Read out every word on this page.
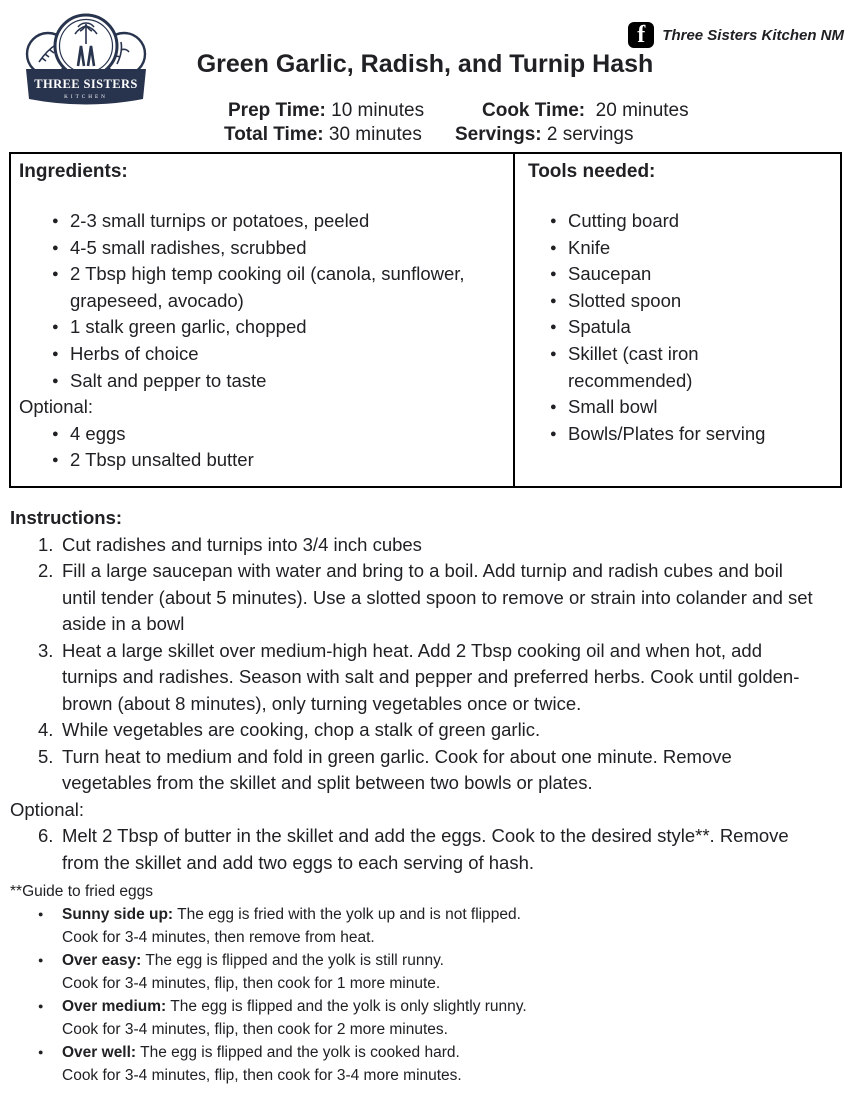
THREE SISTERS
KITCHEN
f Three Sisters Kitchen NM
Green Garlic, Radish, and Turnip Hash
Prep Time: 10 minutes	Cook Time: 20 minutes
Total Time: 30 minutes Servings: 2 servings
Ingredients:
● 2-3 small turnips or potatoes, peeled
● 4-5 small radishes, scrubbed
● 2 Tbsp high temp cooking oil (canola, sunflower, grapeseed, avocado)
● 1 stalk green garlic, chopped
● Herbs of choice
● Salt and pepper to taste
Optional:
● 4 eggs
● 2 Tbsp unsalted butter
Tools needed:
● Cutting board
● Knife
● Saucepan
● Slotted spoon
● Spatula
● Skillet (cast iron recommended)
● Small bowl
● Bowls/Plates for serving
Instructions:
1. Cut radishes and turnips into 3/4 inch cubes
2. Fill a large saucepan with water and bring to a boil. Add turnip and radish cubes and boil until tender (about 5 minutes). Use a slotted spoon to remove or strain into colander and set aside in a bowl
3. Heat a large skillet over medium-high heat. Add 2 Tbsp cooking oil and when hot, add turnips and radishes. Season with salt and pepper and preferred herbs. Cook until golden-brown (about 8 minutes), only turning vegetables once or twice.
4. While vegetables are cooking, chop a stalk of green garlic.
5. Turn heat to medium and fold in green garlic. Cook for about one minute. Remove vegetables from the skillet and split between two bowls or plates.
Optional:
6. Melt 2 Tbsp of butter in the skillet and add the eggs. Cook to the desired style**. Remove from the skillet and add two eggs to each serving of hash.
**Guide to fried eggs
●	Sunny side up: The egg is fried with the yolk up and is not flipped.
Cook for 3-4 minutes, then remove from heat.
●	Over easy: The egg is flipped and the yolk is still runny.
Cook for 3-4 minutes, flip, then cook for 1 more minute.
●	Over medium: The egg is flipped and the yolk is only slightly runny.
Cook for 3-4 minutes, flip, then cook for 2 more minutes.
●	Over well: The egg is flipped and the yolk is cooked hard.
Cook for 3-4 minutes, flip, then cook for 3-4 more minutes.
